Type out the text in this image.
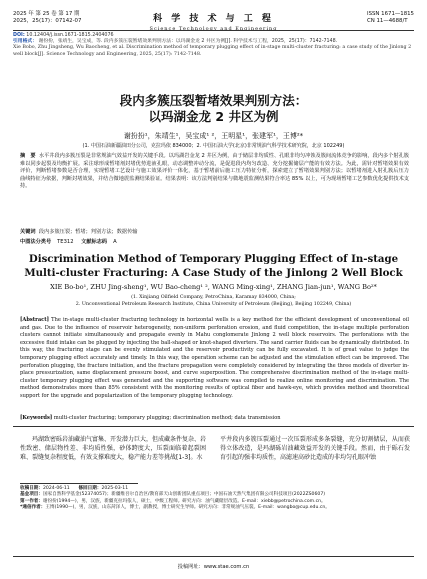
2025 年 第 25 卷 第 17 期
2025，25(17)：07142-07	科 学 技 术 与 工 程
Science Technology and Engineering
ISSN 1671—1815
CN 11—4688/T
DOI: 10.12404/j.issn.1671-1815.2404076
引用格式： 谢扮扮，张靖生，吴宝成，等. 段内多簇压裂暂堵效果判别方法：以玛湖金龙 2 井区为例[J]. 科学技术与工程，2025，25(17)：7142-7148.
Xie Bobo, Zhu Jingsheng, Wu Baocheng, et al. Discrimination method of temporary plugging effect of in-stage multi-cluster fracturing: a case study of the Jinlong 2 well block[J]. Science Technology and Engineering, 2025, 25(17): 7142-7148.
段内多簇压裂暂堵效果判别方法：
以玛湖金龙 2 井区为例
谢扮扮¹，朱靖生¹，吴宝成¹ ²，王明星¹，张建军¹，王博²*
(1. 中国石油新疆油田分公司，克拉玛依 834000；2. 中国石油大学(北京)非常规油气科学技术研究院，北京 102249)
摘　要 水平井段内多簇压裂是非常规油气效益开发的关键手段。以玛湖岩金龙 2 井区为例，由于储层非均质性、孔眼非均匀冲蚀及簇间流体竞争的影响，段内多个射孔簇难以同步起裂及均衡扩展。采注球形成暂堵剂封堵优势进液孔眼，动态调整冲动分流，是促进段内均匀改造、充分挖掘储层产能的有效方法。为此，需针对暂堵效果有效评价，判断暂堵参数是否合理，实现暂堵工艺设计与施工效果评价一体化，基于暂堵前后施工压力特征分析，探索建立了暂堵效果判别方法；以暂堵剂进入射孔簇后压力曲线特征为依据，判断封堵效果，并结合微地震监测结果验证。结果表明：该方法判别结果与微地震监测结果符合率达 85% 以上，可为现场暂堵工艺参数优化提供技术支持。
关键词 段内多簇压裂；暂堵；判别方法；数据传输
中图法分类号 TE312 文献标志码 A
Discrimination Method of Temporary Plugging Effect of In-stage
Multi-cluster Fracturing: A Case Study of the Jinlong 2 Well Block
XIE Bo-bo¹, ZHU Jing-sheng¹, WU Bao-cheng¹ ², WANG Ming-xing¹, ZHANG Jian-jun¹, WANG Bo²*
(1. Xinjiang Oilfield Company, PetroChina, Karamay 834000, China;
2. Unconventional Petroleum Research Institute, China University of Petroleum (Beijing), Beijing 102249, China)
[Abstract] The in-stage multi-cluster fracturing technology in horizontal wells is a key method for the efficient development of unconventional oil and gas. Due to the influence of reservoir heterogeneity, non-uniform perforation erosion, and fluid competition, the in-stage multiple perforation clusters cannot initiate simultaneously and propagate evenly in Mahu conglomerate Jinlong 2 well block reservoirs. The perforations with the excessive fluid intake can be plugged by injecting the ball-shaped or knot-shaped diverters. The sand carrier fluids can be dynamically distributed. In this way, the fracturing stage can be evenly stimulated and the reservoir productivity can be fully excavated. It is of great value to judge the temporary plugging effect accurately and timely. In this way, the operation scheme can be adjusted and the stimulation effect can be improved. The perforation plugging, the fracture initiation, and the fracture propagation were completely considered by integrating the three models of diverter in-place pressurization, same displacement pressure boost, and curve superposition. The comprehensive discrimination method of the in-stage multi-cluster temporary plugging effect was generated and the supporting software was compiled to realize online monitoring and discrimination. The method demonstrates more than 85% consistent with the monitoring results of optical fiber and hawk-eye, which provides method and theoretical support for the upgrade and popularization of the temporary plugging technology.
[Keywords] multi-cluster fracturing; temporary plugging; discrimination method; data transmission
玛湖致密砾岩油藏油气富集、开发潜力巨大，但成藏条件复杂、岩性致密、储层物性差、非均质性强，砂体跨度大，压裂面临着起裂困难、裂缝复杂程度低，有效支撑难度大，稳产能力差等挑战[1-3]。水
平井段内多簇压裂通过一次压裂形成多条裂缝，充分切割储层，从而获得立体改造，是玛湖砾岩油藏效益开发的关键手段。然而，由于砾石发育引起的强非均质性，高滤速高砂比造成的非均匀孔眼冲蚀
收稿日期：2024-06-11 修回日期：2025-03-11
基金项目：国家自然科学基金(52374057)；新疆维吾尔自治区/教育部天山创新团队重点项目；中国石油天然气集团有限公司科技项目(2022ZS0607)
第一作者：谢扮扮(1994—)，男，汉族，新疆克拉玛依人，硕士，中级工程师。研究方向：油气藏储层改造。E-mail：xiebb@petrochina.com.cn。
*通信作者：王博(1990—)，男，汉族，山东菏泽人，博士，副教授，博士研究生导师。研究方向：非常规油气压裂。E-mail：wangbo@cup.edu.cn。
投稿网址：www.stae.com.cn
